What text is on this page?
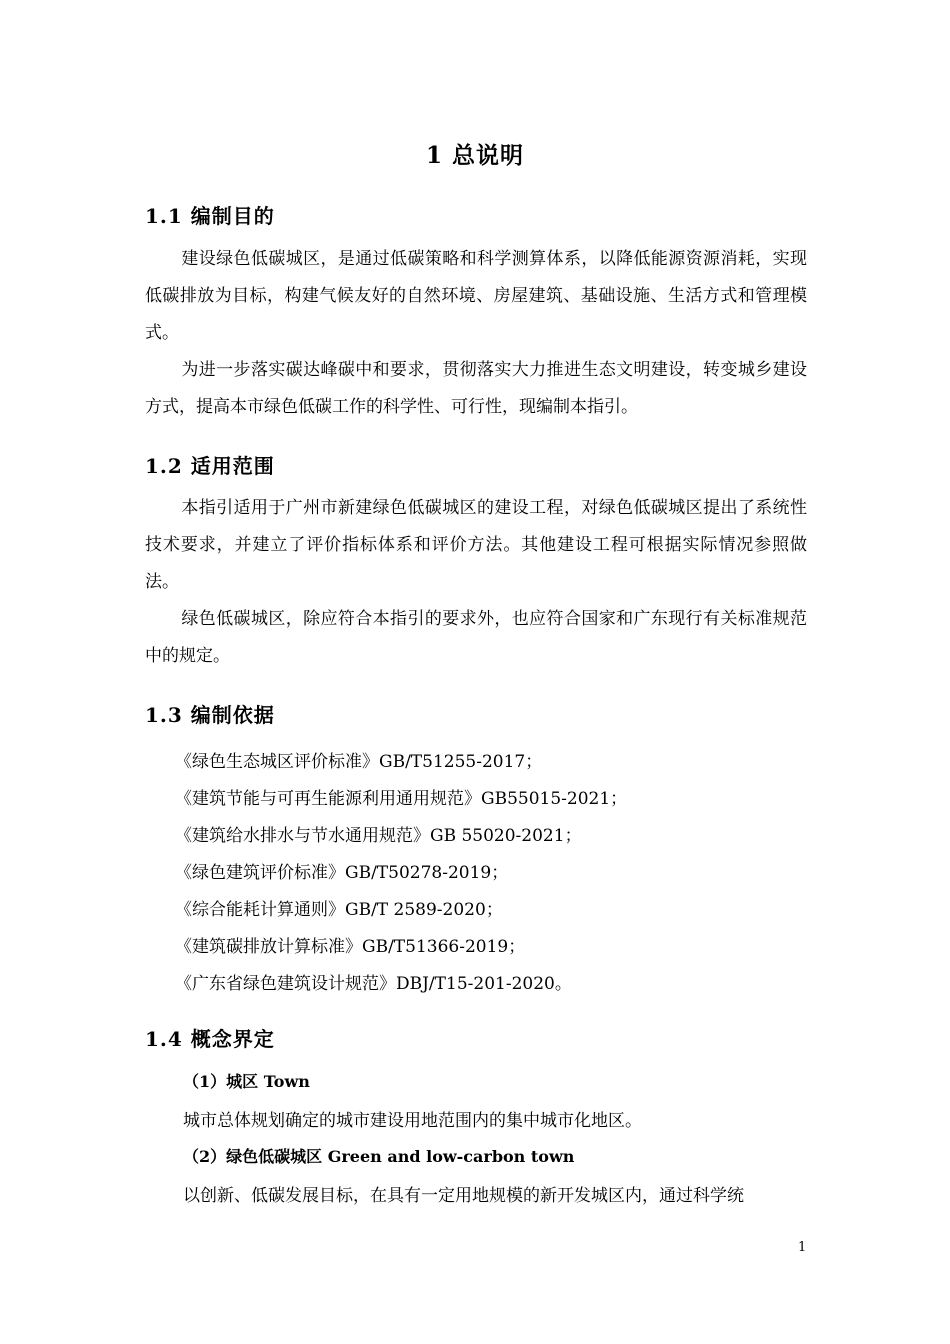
1 总说明
1.1 编制目的

建设绿色低碳城区，是通过低碳策略和科学测算体系，以降低能源资源消耗，实现低碳排放为目标，构建气候友好的自然环境、房屋建筑、基础设施、生活方式和管理模式。

为进一步落实碳达峰碳中和要求，贯彻落实大力推进生态文明建设，转变城乡建设方式，提高本市绿色低碳工作的科学性、可行性，现编制本指引。

1.2 适用范围

本指引适用于广州市新建绿色低碳城区的建设工程，对绿色低碳城区提出了系统性技术要求，并建立了评价指标体系和评价方法。其他建设工程可根据实际情况参照做法。

绿色低碳城区，除应符合本指引的要求外，也应符合国家和广东现行有关标准规范中的规定。

1.3 编制依据
《绿色生态城区评价标准》GB/T51255-2017；
《建筑节能与可再生能源利用通用规范》GB55015-2021；
《建筑给水排水与节水通用规范》GB 55020-2021；
《绿色建筑评价标准》GB/T50278-2019；
《综合能耗计算通则》GB/T 2589-2020；
《建筑碳排放计算标准》GB/T51366-2019；
《广东省绿色建筑设计规范》DBJ/T15-201-2020。
1.4 概念界定
（1）城区 Town
城市总体规划确定的城市建设用地范围内的集中城市化地区。
（2）绿色低碳城区 Green and low-carbon town
以创新、低碳发展目标，在具有一定用地规模的新开发城区内，通过科学统
1
